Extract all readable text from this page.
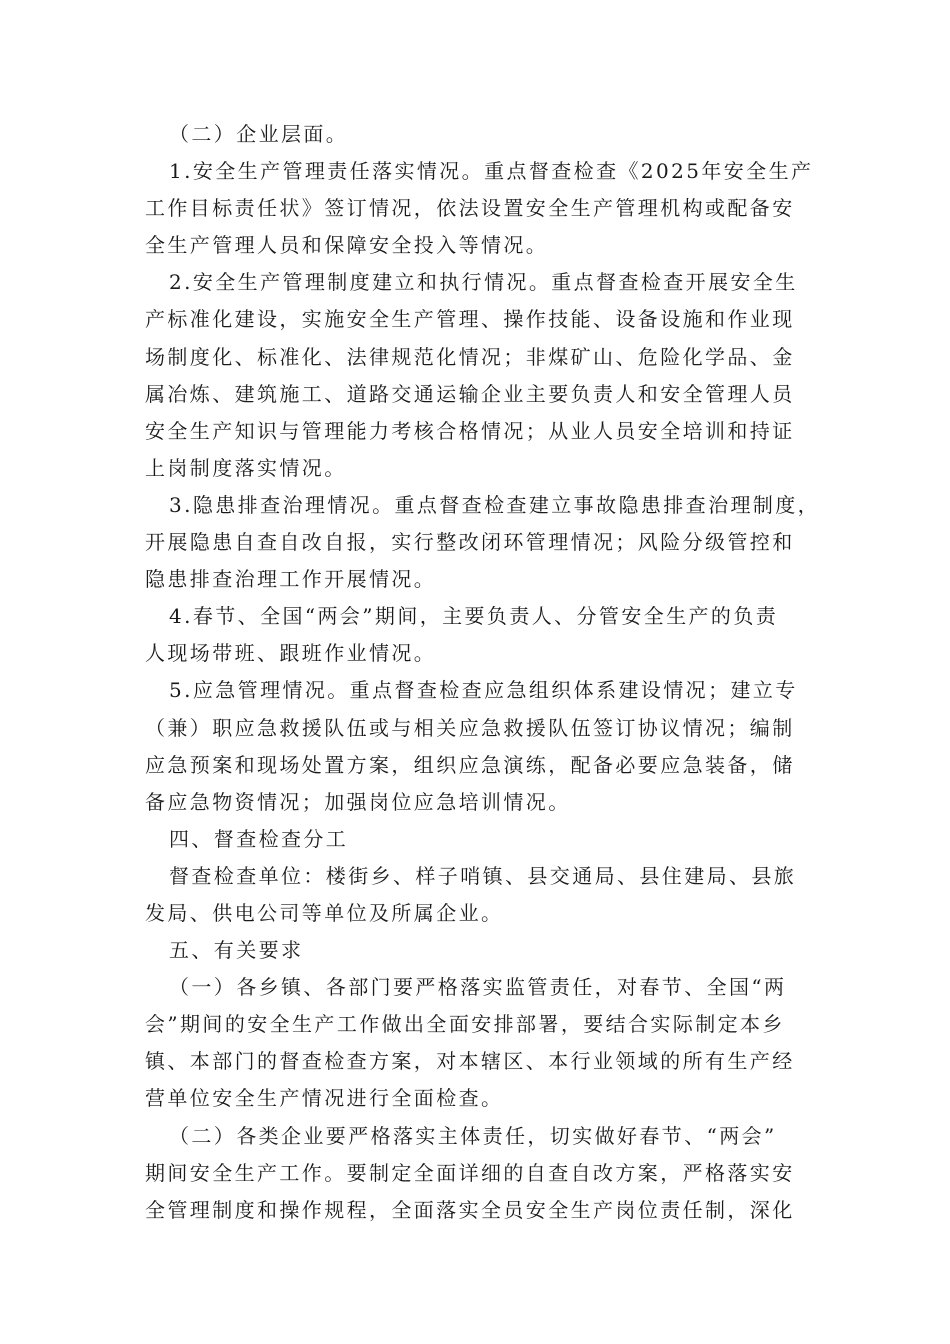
（二）企业层面。
1.安全生产管理责任落实情况。重点督查检查《2025年安全生产
工作目标责任状》签订情况，依法设置安全生产管理机构或配备安
全生产管理人员和保障安全投入等情况。
2.安全生产管理制度建立和执行情况。重点督查检查开展安全生
产标准化建设，实施安全生产管理、操作技能、设备设施和作业现
场制度化、标准化、法律规范化情况；非煤矿山、危险化学品、金
属冶炼、建筑施工、道路交通运输企业主要负责人和安全管理人员
安全生产知识与管理能力考核合格情况；从业人员安全培训和持证
上岗制度落实情况。
3.隐患排查治理情况。重点督查检查建立事故隐患排查治理制度，
开展隐患自查自改自报，实行整改闭环管理情况；风险分级管控和
隐患排查治理工作开展情况。
4.春节、全国“两会”期间，主要负责人、分管安全生产的负责
人现场带班、跟班作业情况。
5.应急管理情况。重点督查检查应急组织体系建设情况；建立专
（兼）职应急救援队伍或与相关应急救援队伍签订协议情况；编制
应急预案和现场处置方案，组织应急演练，配备必要应急装备，储
备应急物资情况；加强岗位应急培训情况。
四、督查检查分工
督查检查单位：楼街乡、样子哨镇、县交通局、县住建局、县旅
发局、供电公司等单位及所属企业。
五、有关要求
（一）各乡镇、各部门要严格落实监管责任，对春节、全国“两
会”期间的安全生产工作做出全面安排部署，要结合实际制定本乡
镇、本部门的督查检查方案，对本辖区、本行业领域的所有生产经
营单位安全生产情况进行全面检查。
（二）各类企业要严格落实主体责任，切实做好春节、“两会”
期间安全生产工作。要制定全面详细的自查自改方案，严格落实安
全管理制度和操作规程，全面落实全员安全生产岗位责任制，深化
